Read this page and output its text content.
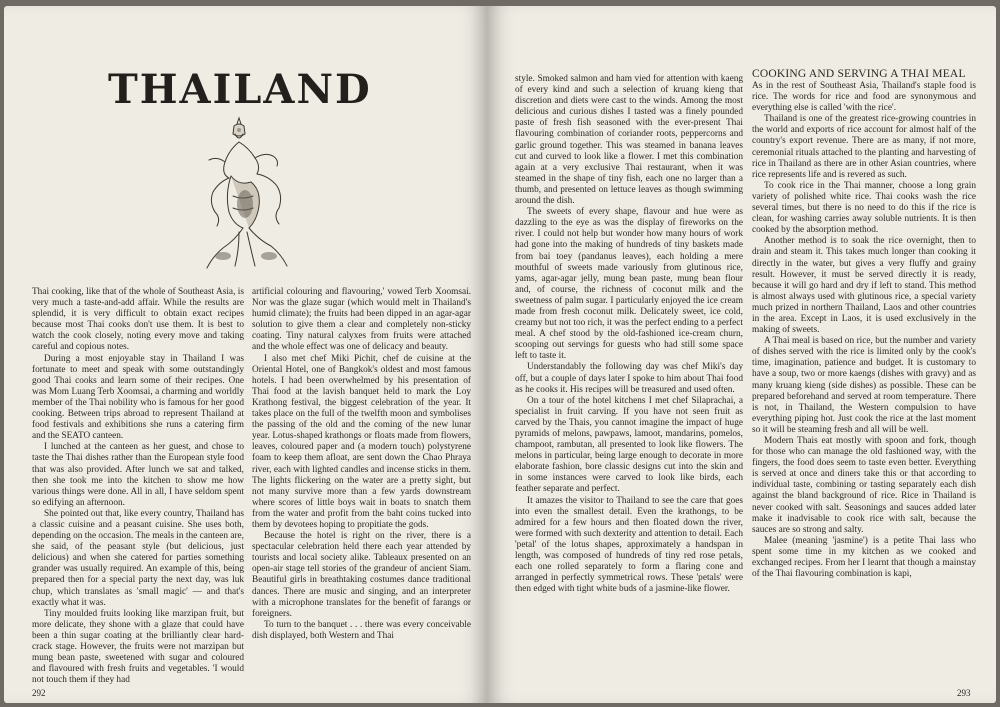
THAILAND

Thai cooking, like that of the whole of Southeast Asia, is very much a taste-and-add affair. While the results are splendid, it is very difficult to obtain exact recipes because most Thai cooks don't use them. It is best to watch the cook closely, noting every move and taking careful and copious notes.

During a most enjoyable stay in Thailand I was fortunate to meet and speak with some outstandingly good Thai cooks and learn some of their recipes. One was Mom Luang Terb Xoomsai, a charming and worldly member of the Thai nobility who is famous for her good cooking. Between trips abroad to represent Thailand at food festivals and exhibitions she runs a catering firm and the SEATO canteen.

I lunched at the canteen as her guest, and chose to taste the Thai dishes rather than the European style food that was also provided. After lunch we sat and talked, then she took me into the kitchen to show me how various things were done. All in all, I have seldom spent so edifying an afternoon.

She pointed out that, like every country, Thailand has a classic cuisine and a peasant cuisine. She uses both, depending on the occasion. The meals in the canteen are, she said, of the peasant style (but delicious, just delicious) and when she catered for parties something grander was usually required. An example of this, being prepared then for a special party the next day, was luk chup, which translates as 'small magic' — and that's exactly what it was.

Tiny moulded fruits looking like marzipan fruit, but more delicate, they shone with a glaze that could have been a thin sugar coating at the brilliantly clear hard-crack stage. However, the fruits were not marzipan but mung bean paste, sweetened with sugar and coloured and flavoured with fresh fruits and vegetables. 'I would not touch them if they had

artificial colouring and flavouring,' vowed Terb Xoomsai. Nor was the glaze sugar (which would melt in Thailand's humid climate); the fruits had been dipped in an agar-agar solution to give them a clear and completely non-sticky coating. Tiny natural calyxes from fruits were attached and the whole effect was one of delicacy and beauty.

I also met chef Miki Pichit, chef de cuisine at the Oriental Hotel, one of Bangkok's oldest and most famous hotels. I had been overwhelmed by his presentation of Thai food at the lavish banquet held to mark the Loy Krathong festival, the biggest celebration of the year. It takes place on the full of the twelfth moon and symbolises the passing of the old and the coming of the new lunar year. Lotus-shaped krathongs or floats made from flowers, leaves, coloured paper and (a modern touch) polystyrene foam to keep them afloat, are sent down the Chao Phraya river, each with lighted candles and incense sticks in them. The lights flickering on the water are a pretty sight, but not many survive more than a few yards downstream where scores of little boys wait in boats to snatch them from the water and profit from the baht coins tucked into them by devotees hoping to propitiate the gods.

Because the hotel is right on the river, there is a spectacular celebration held there each year attended by tourists and local society alike. Tableaux presented on an open-air stage tell stories of the grandeur of ancient Siam. Beautiful girls in breathtaking costumes dance traditional dances. There are music and singing, and an interpreter with a microphone translates for the benefit of farangs or foreigners.

To turn to the banquet . . . there was every conceivable dish displayed, both Western and Thai

292

style. Smoked salmon and ham vied for attention with kaeng of every kind and such a selection of kruang kieng that discretion and diets were cast to the winds. Among the most delicious and curious dishes I tasted was a finely pounded paste of fresh fish seasoned with the ever-present Thai flavouring combination of coriander roots, peppercorns and garlic ground together. This was steamed in banana leaves cut and curved to look like a flower. I met this combination again at a very exclusive Thai restaurant, when it was steamed in the shape of tiny fish, each one no larger than a thumb, and presented on lettuce leaves as though swimming around the dish.

The sweets of every shape, flavour and hue were as dazzling to the eye as was the display of fireworks on the river. I could not help but wonder how many hours of work had gone into the making of hundreds of tiny baskets made from bai toey (pandanus leaves), each holding a mere mouthful of sweets made variously from glutinous rice, yams, agar-agar jelly, mung bean paste, mung bean flour and, of course, the richness of coconut milk and the sweetness of palm sugar. I particularly enjoyed the ice cream made from fresh coconut milk. Delicately sweet, ice cold, creamy but not too rich, it was the perfect ending to a perfect meal. A chef stood by the old-fashioned ice-cream churn, scooping out servings for guests who had still some space left to taste it.

Understandably the following day was chef Miki's day off, but a couple of days later I spoke to him about Thai food as he cooks it. His recipes will be treasured and used often.

On a tour of the hotel kitchens I met chef Silaprachai, a specialist in fruit carving. If you have not seen fruit as carved by the Thais, you cannot imagine the impact of huge pyramids of melons, pawpaws, lamoot, mandarins, pomelos, champoot, rambutan, all presented to look like flowers. The melons in particular, being large enough to decorate in more elaborate fashion, bore classic designs cut into the skin and in some instances were carved to look like birds, each feather separate and perfect.

It amazes the visitor to Thailand to see the care that goes into even the smallest detail. Even the krathongs, to be admired for a few hours and then floated down the river, were formed with such dexterity and attention to detail. Each 'petal' of the lotus shapes, approximately a handspan in length, was composed of hundreds of tiny red rose petals, each one rolled separately to form a flaring cone and arranged in perfectly symmetrical rows. These 'petals' were then edged with tight white buds of a jasmine-like flower.

COOKING AND SERVING A THAI MEAL

As in the rest of Southeast Asia, Thailand's staple food is rice. The words for rice and food are synonymous and everything else is called 'with the rice'.

Thailand is one of the greatest rice-growing countries in the world and exports of rice account for almost half of the country's export revenue. There are as many, if not more, ceremonial rituals attached to the planting and harvesting of rice in Thailand as there are in other Asian countries, where rice represents life and is revered as such.

To cook rice in the Thai manner, choose a long grain variety of polished white rice. Thai cooks wash the rice several times, but there is no need to do this if the rice is clean, for washing carries away soluble nutrients. It is then cooked by the absorption method.

Another method is to soak the rice overnight, then to drain and steam it. This takes much longer than cooking it directly in the water, but gives a very fluffy and grainy result. However, it must be served directly it is ready, because it will go hard and dry if left to stand. This method is almost always used with glutinous rice, a special variety much prized in northern Thailand, Laos and other countries in the area. Except in Laos, it is used exclusively in the making of sweets.

A Thai meal is based on rice, but the number and variety of dishes served with the rice is limited only by the cook's time, imagination, patience and budget. It is customary to have a soup, two or more kaengs (dishes with gravy) and as many kruang kieng (side dishes) as possible. These can be prepared beforehand and served at room temperature. There is not, in Thailand, the Western compulsion to have everything piping hot. Just cook the rice at the last moment so it will be steaming fresh and all will be well.

Modern Thais eat mostly with spoon and fork, though for those who can manage the old fashioned way, with the fingers, the food does seem to taste even better. Everything is served at once and diners take this or that according to individual taste, combining or tasting separately each dish against the bland background of rice. Rice in Thailand is never cooked with salt. Seasonings and sauces added later make it inadvisable to cook rice with salt, because the sauces are so strong and salty.

Malee (meaning 'jasmine') is a petite Thai lass who spent some time in my kitchen as we cooked and exchanged recipes. From her I learnt that though a mainstay of the Thai flavouring combination is kapi,

293
